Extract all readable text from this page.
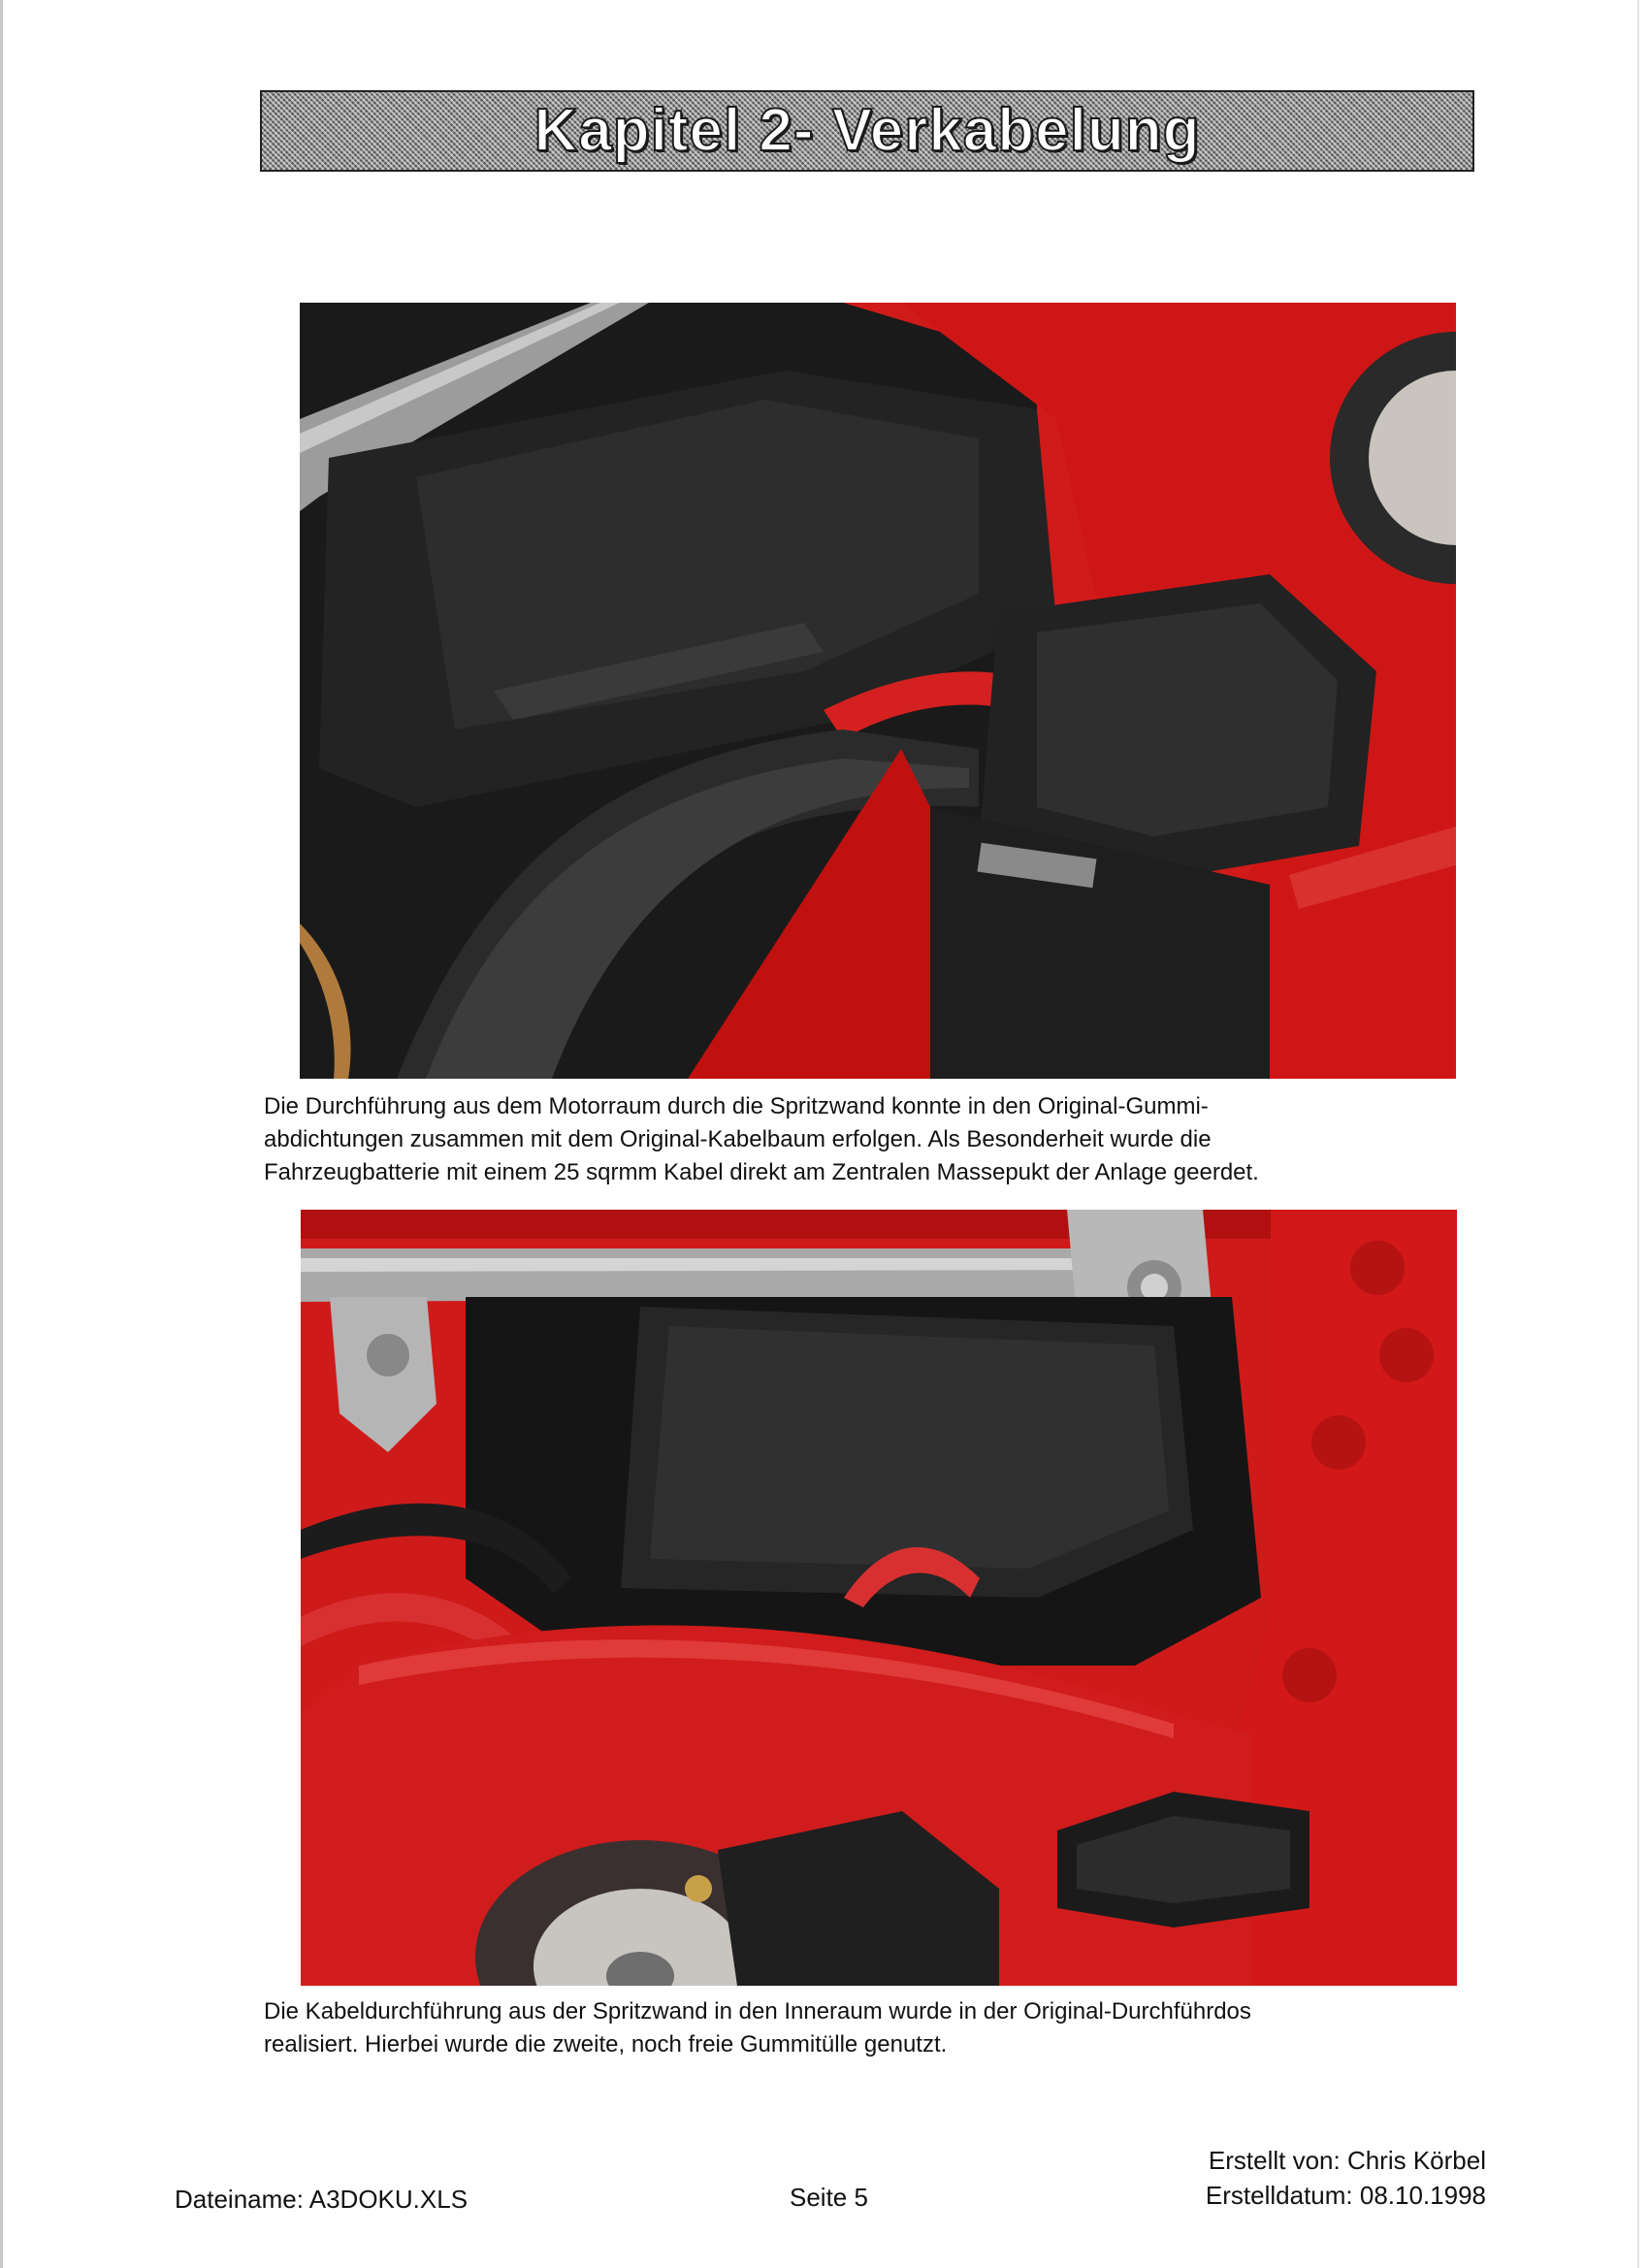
Kapitel 2- Verkabelung

Die Durchführung aus dem Motorraum durch die Spritzwand konnte in den Original-Gummi-
abdichtungen zusammen mit dem Original-Kabelbaum erfolgen. Als Besonderheit wurde die
Fahrzeugbatterie mit einem 25 sqrmm Kabel direkt am Zentralen Massepukt der Anlage geerdet.

Die Kabeldurchführung aus der Spritzwand in den Inneraum wurde in der Original-Durchführdos
realisiert. Hierbei wurde die zweite, noch freie Gummitülle genutzt.

Dateiname: A3DOKU.XLS	Seite 5
Erstellt von: Chris Körbel
Erstelldatum: 08.10.1998
